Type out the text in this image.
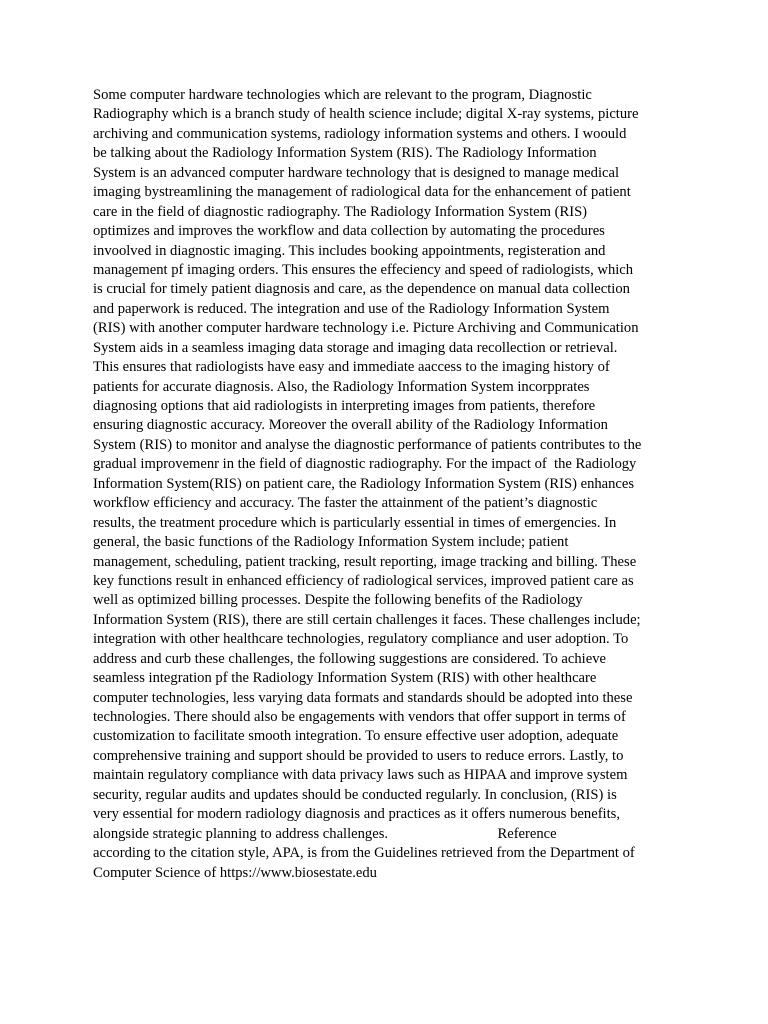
Some computer hardware technologies which are relevant to the program, Diagnostic
Radiography which is a branch study of health science include; digital X-ray systems, picture
archiving and communication systems, radiology information systems and others. I woould
be talking about the Radiology Information System (RIS). The Radiology Information
System is an advanced computer hardware technology that is designed to manage medical
imaging bystreamlining the management of radiological data for the enhancement of patient
care in the field of diagnostic radiography. The Radiology Information System (RIS)
optimizes and improves the workflow and data collection by automating the procedures
invoolved in diagnostic imaging. This includes booking appointments, registeration and
management pf imaging orders. This ensures the effeciency and speed of radiologists, which
is crucial for timely patient diagnosis and care, as the dependence on manual data collection
and paperwork is reduced. The integration and use of the Radiology Information System
(RIS) with another computer hardware technology i.e. Picture Archiving and Communication
System aids in a seamless imaging data storage and imaging data recollection or retrieval.
This ensures that radiologists have easy and immediate aaccess to the imaging history of
patients for accurate diagnosis. Also, the Radiology Information System incorpprates
diagnosing options that aid radiologists in interpreting images from patients, therefore
ensuring diagnostic accuracy. Moreover the overall ability of the Radiology Information
System (RIS) to monitor and analyse the diagnostic performance of patients contributes to the
gradual improvemenr in the field of diagnostic radiography. For the impact of  the Radiology
Information System(RIS) on patient care, the Radiology Information System (RIS) enhances
workflow efficiency and accuracy. The faster the attainment of the patient’s diagnostic
results, the treatment procedure which is particularly essential in times of emergencies. In
general, the basic functions of the Radiology Information System include; patient
management, scheduling, patient tracking, result reporting, image tracking and billing. These
key functions result in enhanced efficiency of radiological services, improved patient care as
well as optimized billing processes. Despite the following benefits of the Radiology
Information System (RIS), there are still certain challenges it faces. These challenges include;
integration with other healthcare technologies, regulatory compliance and user adoption. To
address and curb these challenges, the following suggestions are considered. To achieve
seamless integration pf the Radiology Information System (RIS) with other healthcare
computer technologies, less varying data formats and standards should be adopted into these
technologies. There should also be engagements with vendors that offer support in terms of
customization to facilitate smooth integration. To ensure effective user adoption, adequate
comprehensive training and support should be provided to users to reduce errors. Lastly, to
maintain regulatory compliance with data privacy laws such as HIPAA and improve system
security, regular audits and updates should be conducted regularly. In conclusion, (RIS) is
very essential for modern radiology diagnosis and practices as it offers numerous benefits,
alongside strategic planning to address challenges.                              Reference
according to the citation style, APA, is from the Guidelines retrieved from the Department of
Computer Science of https://www.biosestate.edu
